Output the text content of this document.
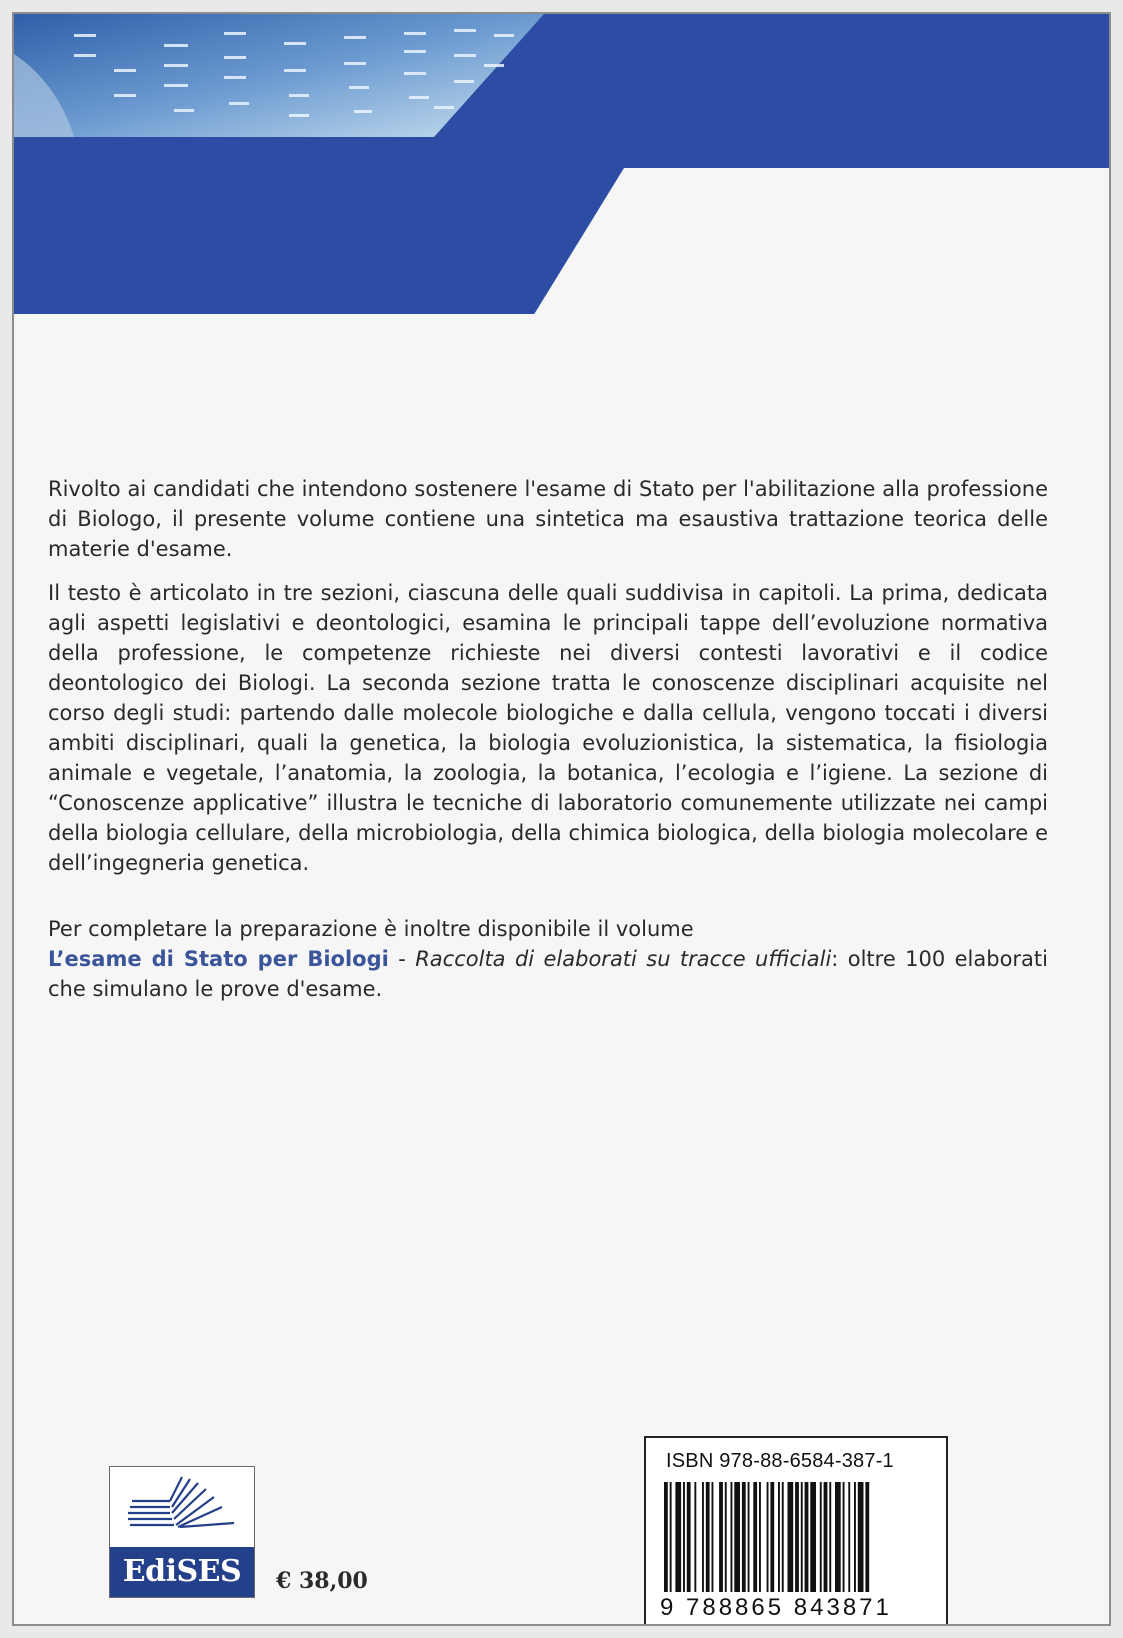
Rivolto ai candidati che intendono sostenere l'esame di Stato per l'abilitazione alla professione di Biologo, il presente volume contiene una sintetica ma esaustiva trattazione teorica delle materie d'esame.

Il testo è articolato in tre sezioni, ciascuna delle quali suddivisa in capitoli. La prima, dedicata agli aspetti legislativi e deontologici, esamina le principali tappe dell’evoluzione normativa della professione, le competenze richieste nei diversi contesti lavorativi e il codice deontologico dei Biologi. La seconda sezione tratta le conoscenze disciplinari acquisite nel corso degli studi: partendo dalle molecole biologiche e dalla cellula, vengono toccati i diversi ambiti disciplinari, quali la genetica, la biologia evoluzionistica, la sistematica, la fisiologia animale e vegetale, l’anatomia, la zoologia, la botanica, l’ecologia e l’igiene. La sezione di “Conoscenze applicative” illustra le tecniche di laboratorio comunemente utilizzate nei campi della biologia cellulare, della microbiologia, della chimica biologica, della biologia molecolare e dell’ingegneria genetica.

Per completare la preparazione è inoltre disponibile il volume
L’esame di Stato per Biologi - Raccolta di elaborati su tracce ufficiali: oltre 100 elaborati che simulano le prove d'esame.

EdiSES	€ 38,00
ISBN 978-88-6584-387-1
9 788865 843871
